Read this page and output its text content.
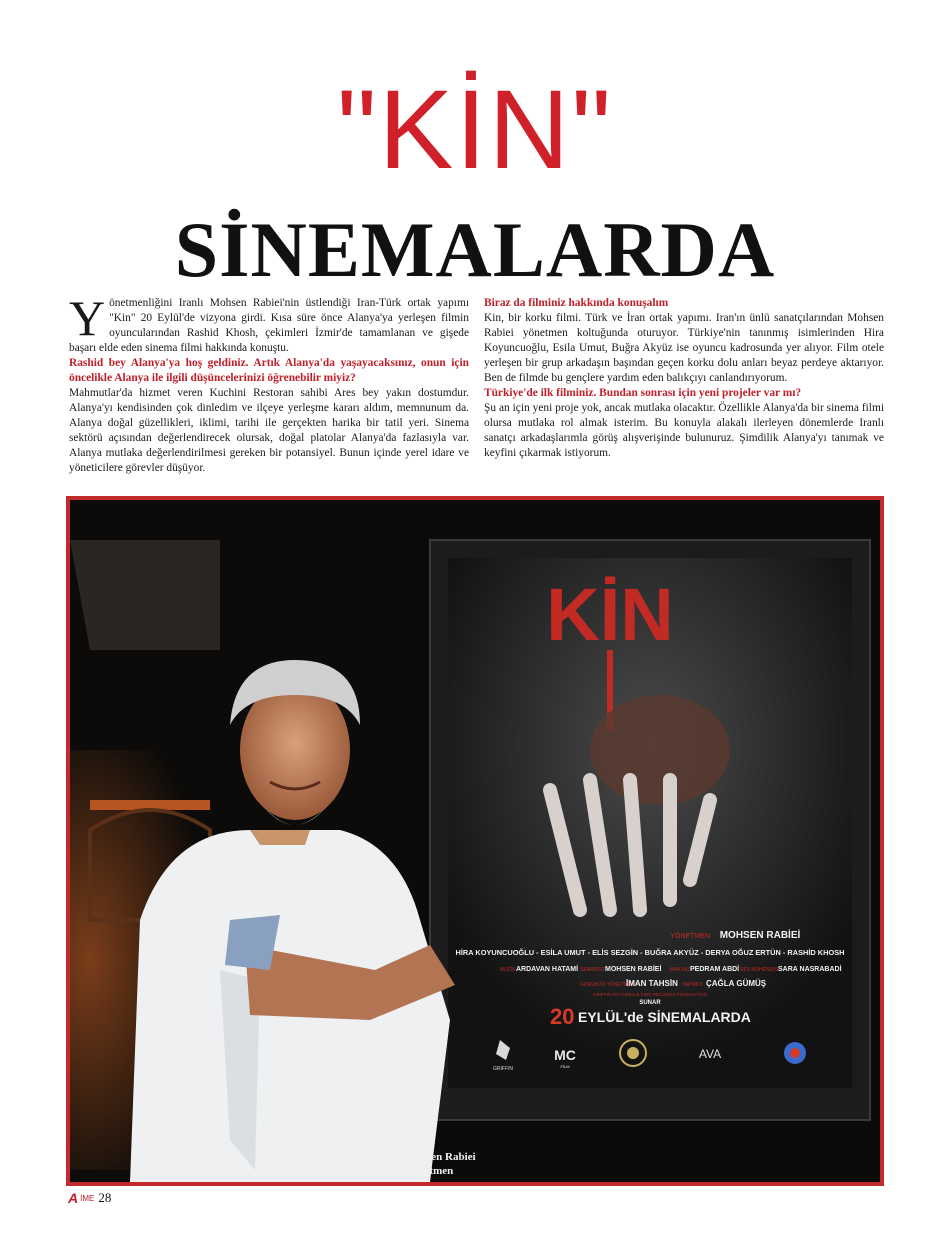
"KİN"
SİNEMALARDA

Yönetmenliğini Iranlı Mohsen Rabiei'nin üstlendiği Iran-Türk ortak yapımı "Kin" 20 Eylül'de vizyona girdi. Kısa süre önce Alanya'ya yerleşen filmin oyuncularından Rashid Khosh, çekimleri İzmir'de tamamlanan ve gişede başarı elde eden sinema filmi hakkında konuştu.

Rashid bey Alanya'ya hoş geldiniz. Artık Alanya'da yaşayacaksınız, onun için öncelikle Alanya ile ilgili düşüncelerinizi öğrenebilir miyiz?

Mahmutlar'da hizmet veren Kuchini Restoran sahibi Ares bey yakın dostumdur. Alanya'yı kendisinden çok dinledim ve ilçeye yerleşme kararı aldım, memnunum da. Alanya doğal güzellikleri, iklimi, tarihi ile gerçekten harika bir tatil yeri. Sinema sektörü açısından değerlendirecek olursak, doğal platolar Alanya'da fazlasıyla var. Alanya mutlaka değerlendirilmesi gereken bir potansiyel. Bunun içinde yerel idare ve yöneticilere görevler düşüyor.

Biraz da filminiz hakkında konuşalım

Kin, bir korku filmi. Türk ve İran ortak yapımı. Iran'ın ünlü sanatçılarından Mohsen Rabiei yönetmen koltuğunda oturuyor. Türkiye'nin tanınmış isimlerinden Hira Koyuncuoğlu, Esila Umut, Buğra Akyüz ise oyuncu kadrosunda yer alıyor. Film otele yerleşen bir grup arkadaşın başından geçen korku dolu anları beyaz perdeye aktarıyor. Ben de filmde bu gençlere yardım eden balıkçıyı canlandırıyorum.

Türkiye'de ilk filminiz. Bundan sonrası için yeni projeler var mı?

Şu an için yeni proje yok, ancak mutlaka olacaktır. Özellikle Alanya'da bir sinema filmi olursa mutlaka rol almak isterim. Bu konuyla alakalı ilerleyen dönemlerde Iranlı sanatçı arkadaşlarımla görüş alışverişinde bulunuruz. Şimdilik Alanya'yı tanımak ve keyfini çıkarmak istiyorum.

KİN
YÖNETMEN MOHSEN RABİEİ
HİRA KOYUNCUOĞLU - ESİLA UMUT - ELİS SEZGİN - BUĞRA AKYÜZ - DERYA OĞUZ ERTÜN - RASHİD KHOSH
MÜZİK ARDAVAN HATAMİ SENARİST MOHSEN RABİEİ MAKYAJ PEDRAM ABDİ SES MÜHENDİSİ
SARA NASRABADİ
GÖRÜNTÜ YÖNETMENİ
İMAN TAHSİN YAPIMCI ÇAĞLA GÜMÜŞ
GRIFFIN PICTURES & KING RECORDS PRODUCTION
SUNAR
20 EYLÜL'de SİNEMALARDA
GRIFFIN
MC
FİLM
AVA
Mohsen Rabiei
Yönetmen
A İME 28
